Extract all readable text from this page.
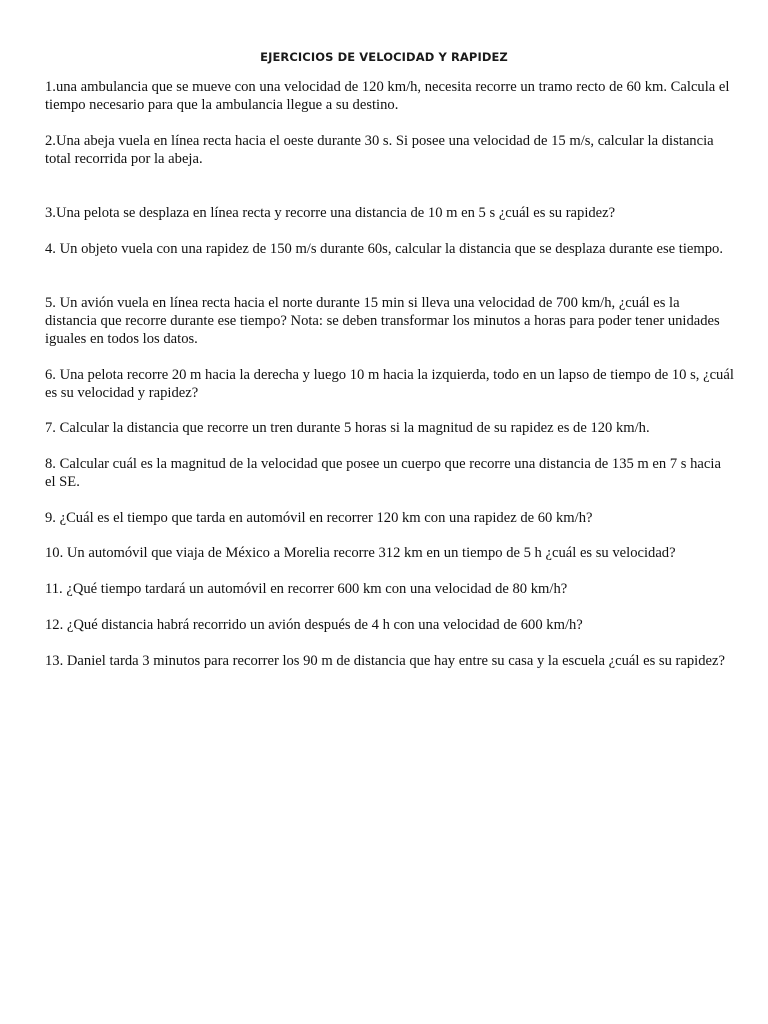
EJERCICIOS DE VELOCIDAD Y RAPIDEZ

1.una ambulancia que se mueve con una velocidad de 120 km/h, necesita recorre un tramo recto de 60 km. Calcula el tiempo necesario para que la ambulancia llegue a su destino.

2.Una abeja vuela en línea recta hacia el oeste durante 30 s. Si posee una velocidad de 15 m/s, calcular la distancia total recorrida por la abeja.

3.Una pelota se desplaza en línea recta y recorre una distancia de 10 m en 5 s ¿cuál es su rapidez?

4. Un objeto vuela con una rapidez de 150 m/s durante 60s, calcular la distancia que se desplaza durante ese tiempo.

5. Un avión vuela en línea recta hacia el norte durante 15 min si lleva una velocidad de 700 km/h, ¿cuál es la distancia que recorre durante ese tiempo? Nota: se deben transformar los minutos a horas para poder tener unidades iguales en todos los datos.

6. Una pelota recorre 20 m hacia la derecha y luego 10 m hacia la izquierda, todo en un lapso de tiempo de 10 s, ¿cuál es su velocidad y rapidez?

7. Calcular la distancia que recorre un tren durante 5 horas si la magnitud de su rapidez es de 120 km/h.

8. Calcular cuál es la magnitud de la velocidad que posee un cuerpo que recorre una distancia de 135 m en 7 s hacia el SE.

9. ¿Cuál es el tiempo que tarda en automóvil en recorrer 120 km con una rapidez de 60 km/h?

10. Un automóvil que viaja de México a Morelia recorre 312 km en un tiempo de 5 h ¿cuál es su velocidad?

11. ¿Qué tiempo tardará un automóvil en recorrer 600 km con una velocidad de 80 km/h?

12. ¿Qué distancia habrá recorrido un avión después de 4 h con una velocidad de 600 km/h?

13. Daniel tarda 3 minutos para recorrer los 90 m de distancia que hay entre su casa y la escuela ¿cuál es su rapidez?
